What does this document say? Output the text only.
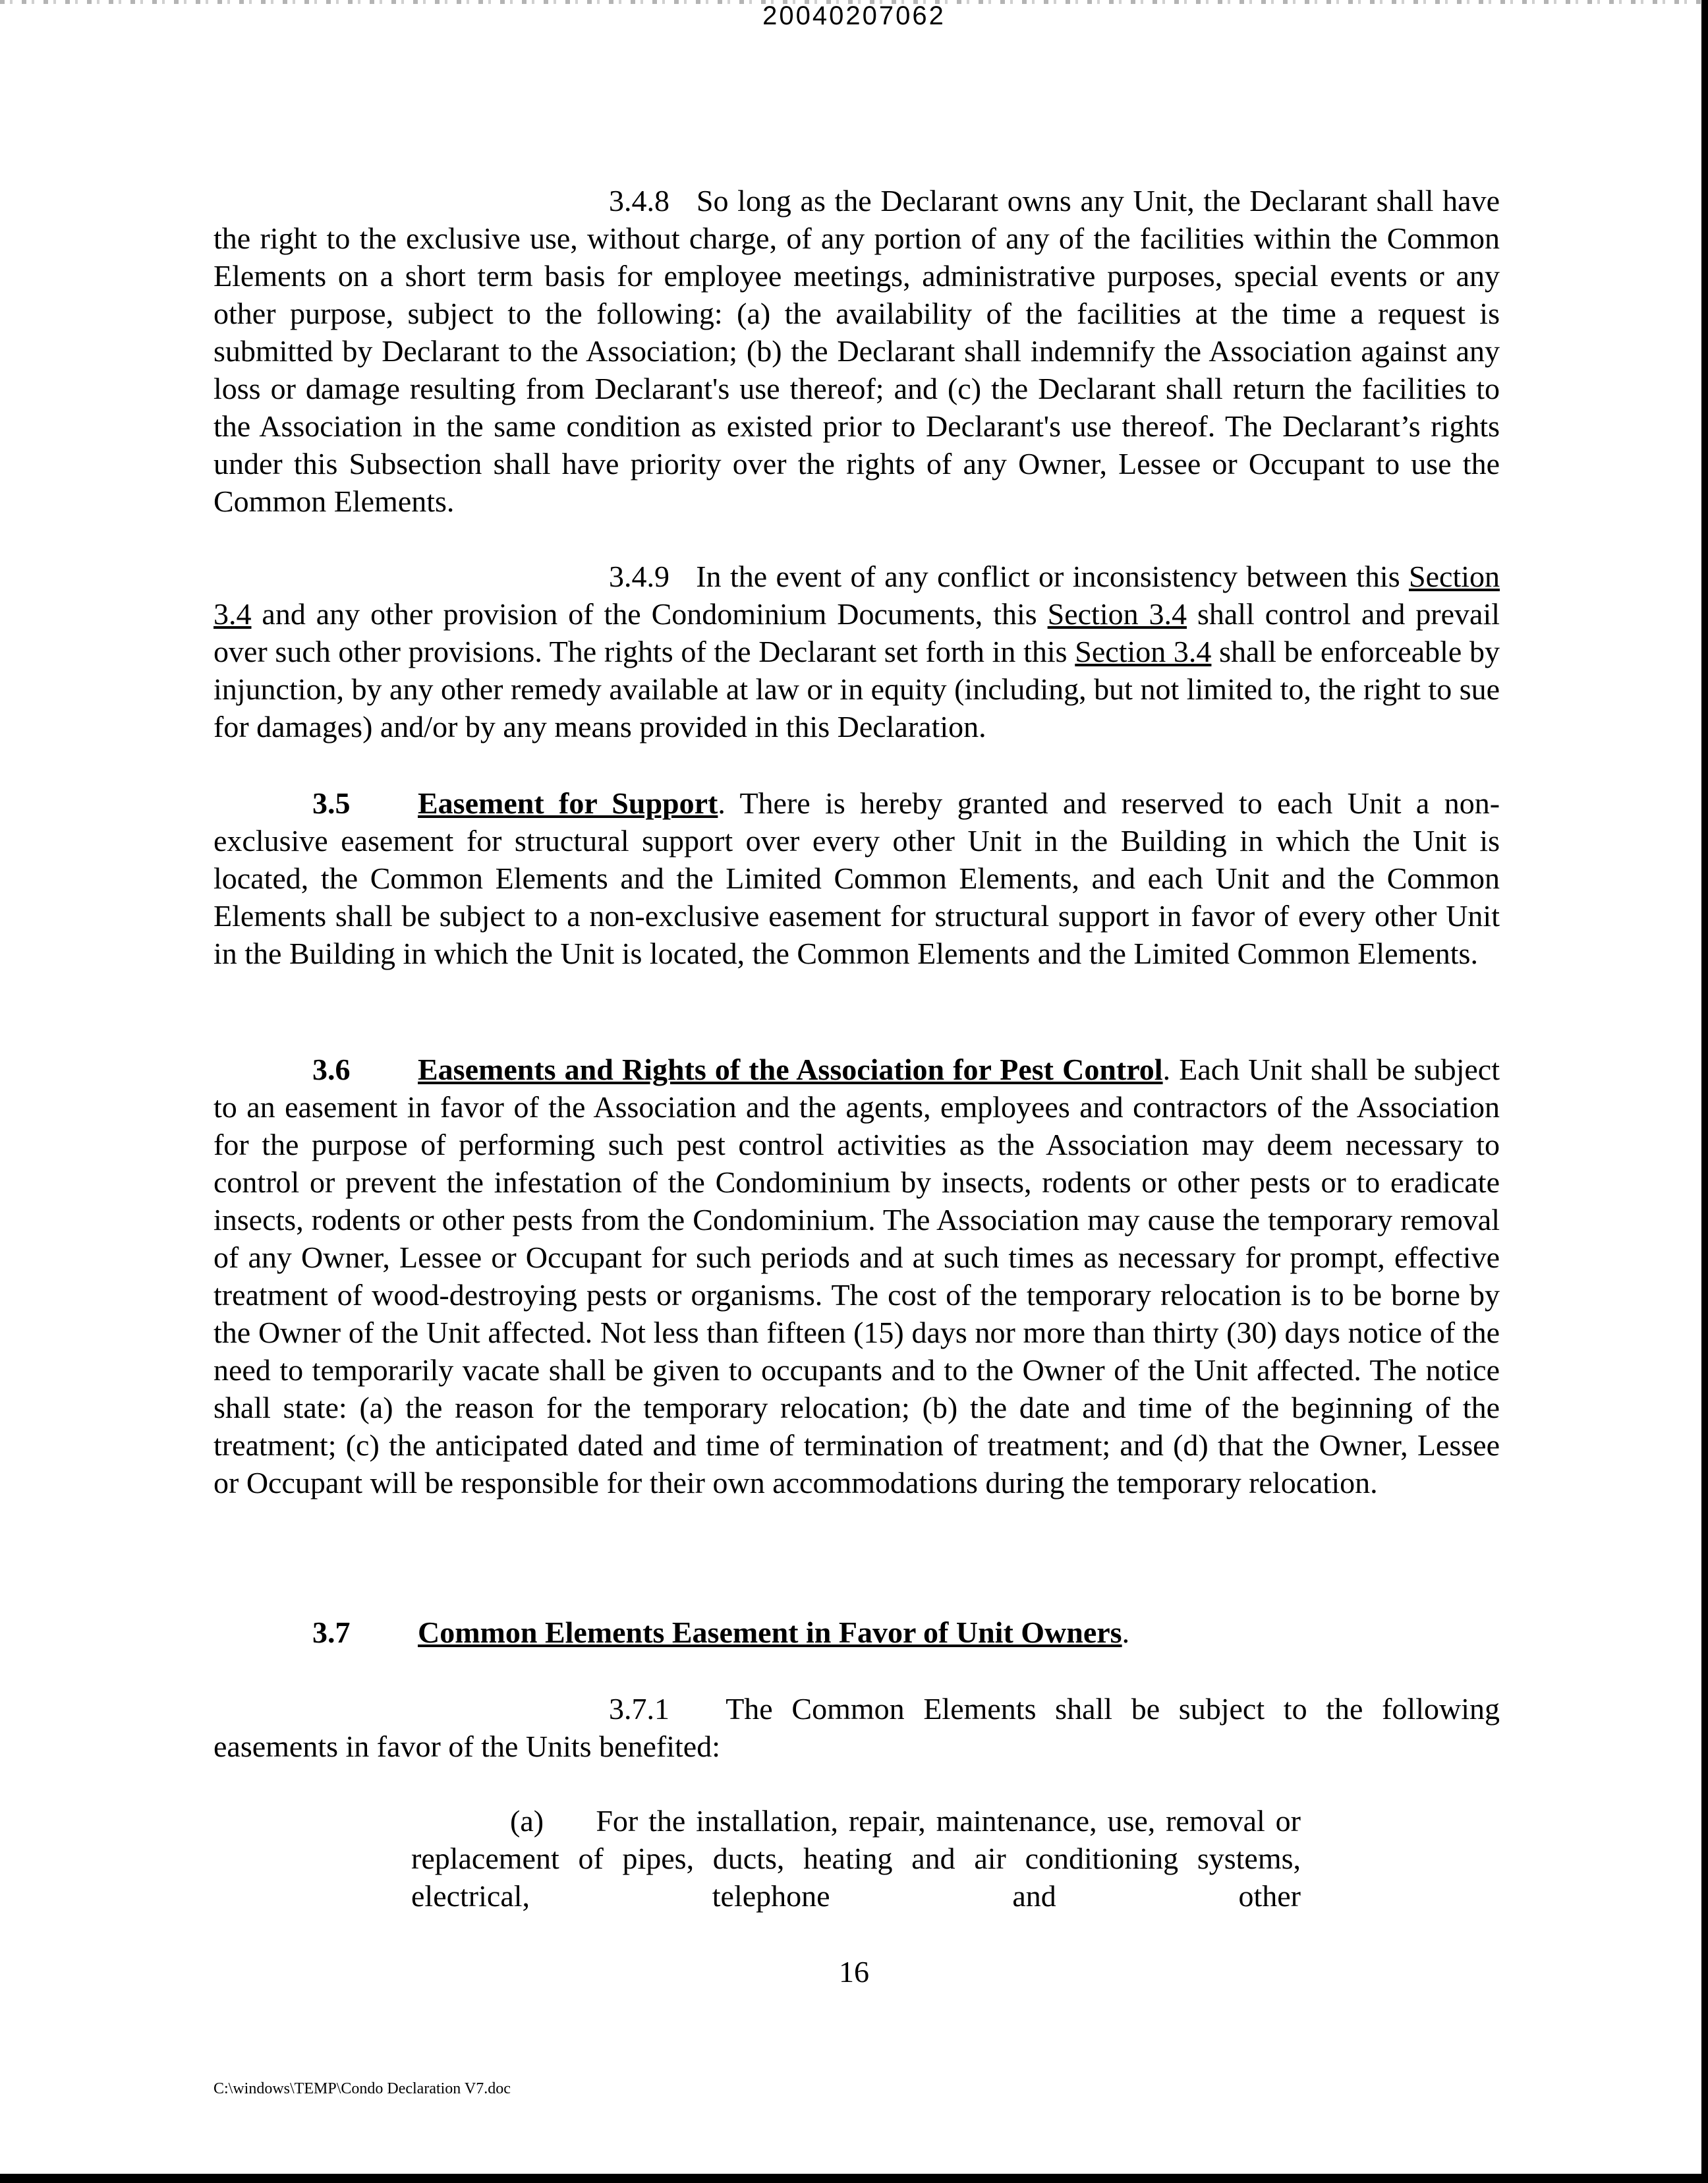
20040207062

3.4.8 So long as the Declarant owns any Unit, the Declarant shall have the right to the exclusive use, without charge, of any portion of any of the facilities within the Common Elements on a short term basis for employee meetings, administrative purposes, special events or any other purpose, subject to the following: (a) the availability of the facilities at the time a request is submitted by Declarant to the Association; (b) the Declarant shall indemnify the Association against any loss or damage resulting from Declarant's use thereof; and (c) the Declarant shall return the facilities to the Association in the same condition as existed prior to Declarant's use thereof. The Declarant’s rights under this Subsection shall have priority over the rights of any Owner, Lessee or Occupant to use the Common Elements.

3.4.9 In the event of any conflict or inconsistency between this Section 3.4 and any other provision of the Condominium Documents, this Section 3.4 shall control and prevail over such other provisions. The rights of the Declarant set forth in this Section 3.4 shall be enforceable by injunction, by any other remedy available at law or in equity (including, but not limited to, the right to sue for damages) and/or by any means provided in this Declaration.

3.5 Easement for Support. There is hereby granted and reserved to each Unit a non-exclusive easement for structural support over every other Unit in the Building in which the Unit is located, the Common Elements and the Limited Common Elements, and each Unit and the Common Elements shall be subject to a non-exclusive easement for structural support in favor of every other Unit in the Building in which the Unit is located, the Common Elements and the Limited Common Elements.

3.6 Easements and Rights of the Association for Pest Control. Each Unit shall be subject to an easement in favor of the Association and the agents, employees and contractors of the Association for the purpose of performing such pest control activities as the Association may deem necessary to control or prevent the infestation of the Condominium by insects, rodents or other pests or to eradicate insects, rodents or other pests from the Condominium. The Association may cause the temporary removal of any Owner, Lessee or Occupant for such periods and at such times as necessary for prompt, effective treatment of wood-destroying pests or organisms. The cost of the temporary relocation is to be borne by the Owner of the Unit affected. Not less than fifteen (15) days nor more than thirty (30) days notice of the need to temporarily vacate shall be given to occupants and to the Owner of the Unit affected. The notice shall state: (a) the reason for the temporary relocation; (b) the date and time of the beginning of the treatment; (c) the anticipated dated and time of termination of treatment; and (d) that the Owner, Lessee or Occupant will be responsible for their own accommodations during the temporary relocation.

3.7 Common Elements Easement in Favor of Unit Owners.

3.7.1 The Common Elements shall be subject to the following easements in favor of the Units benefited:

(a) For the installation, repair, maintenance, use, removal or replacement of pipes, ducts, heating and air conditioning systems, electrical, telephone and other

16
C:\windows\TEMP\Condo Declaration V7.doc
